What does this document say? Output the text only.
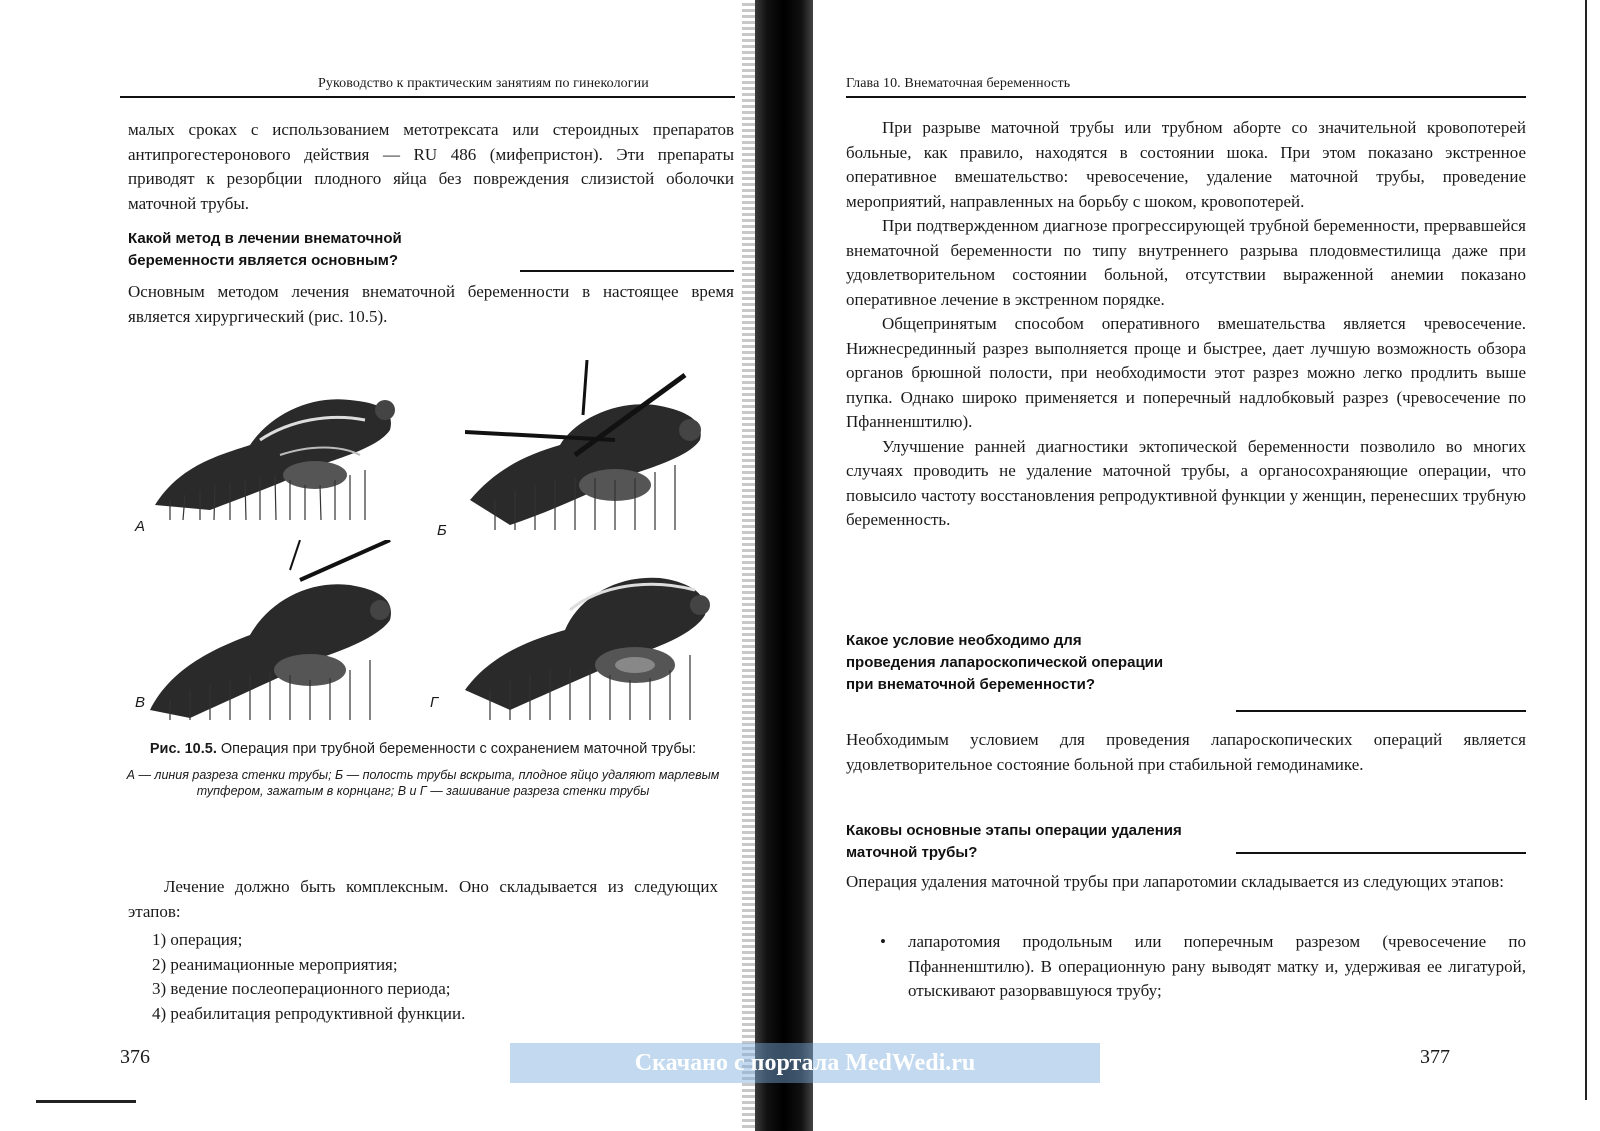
Руководство к практическим занятиям по гинекологии

малых сроках с использованием метотрексата или стероидных препаратов антипрогестеронового действия — RU 486 (мифепристон). Эти препараты приводят к резорбции плодного яйца без повреждения слизистой оболочки маточной трубы.

Какой метод в лечении внематочной беременности является основным?

Основным методом лечения внематочной беременности в настоящее время является хирургический (рис. 10.5).

А	Б
В	Г
Рис. 10.5. Операция при трубной беременности с сохранением маточной трубы:
А — линия разреза стенки трубы; Б — полость трубы вскрыта, плодное яйцо удаляют марлевым тупфером, зажатым в корнцанг; В и Г — зашивание разреза стенки трубы

Лечение должно быть комплексным. Оно складывается из следующих этапов:

1) операция;
2) реанимационные мероприятия;
3) ведение послеоперационного периода;
4) реабилитация репродуктивной функции.
376
Глава 10. Внематочная беременность

При разрыве маточной трубы или трубном аборте со значительной кровопотерей больные, как правило, находятся в состоянии шока. При этом показано экстренное оперативное вмешательство: чревосечение, удаление маточной трубы, проведение мероприятий, направленных на борьбу с шоком, кровопотерей.

При подтвержденном диагнозе прогрессирующей трубной беременности, прервавшейся внематочной беременности по типу внутреннего разрыва плодовместилища даже при удовлетворительном состоянии больной, отсутствии выраженной анемии показано оперативное лечение в экстренном порядке.

Общепринятым способом оперативного вмешательства является чревосечение. Нижнесрединный разрез выполняется проще и быстрее, дает лучшую возможность обзора органов брюшной полости, при необходимости этот разрез можно легко продлить выше пупка. Однако широко применяется и поперечный надлобковый разрез (чревосечение по Пфанненштилю).

Улучшение ранней диагностики эктопической беременности позволило во многих случаях проводить не удаление маточной трубы, а органосохраняющие операции, что повысило частоту восстановления репродуктивной функции у женщин, перенесших трубную беременность.

Какое условие необходимо для проведения лапароскопической операции при внематочной беременности?

Необходимым условием для проведения лапароскопических операций является удовлетворительное состояние больной при стабильной гемодинамике.

Каковы основные этапы операции удаления маточной трубы?

Операция удаления маточной трубы при лапаротомии складывается из следующих этапов:

• лапаротомия продольным или поперечным разрезом (чревосечение по Пфанненштилю). В операционную рану выводят матку и, удерживая ее лигатурой, отыскивают разорвавшуюся трубу;
377
Скачано с портала MedWedi.ru
